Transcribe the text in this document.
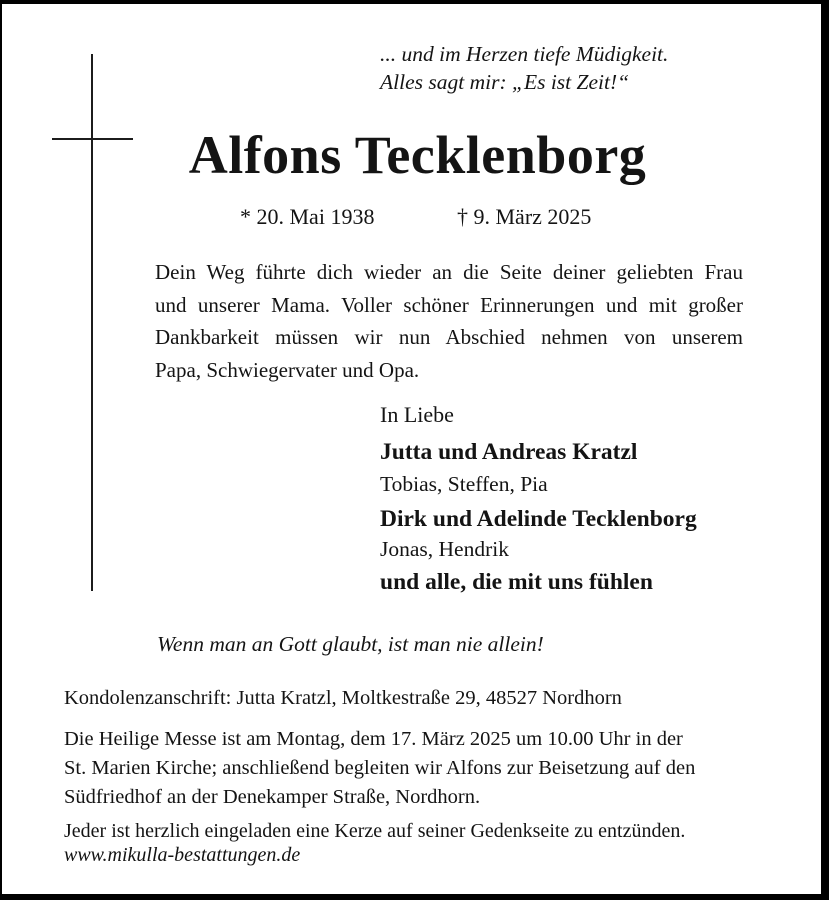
... und im Herzen tiefe Müdigkeit.
Alles sagt mir: „Es ist Zeit!“
Alfons Tecklenborg
* 20. Mai 1938	† 9. März 2025
Dein Weg führte dich wieder an die Seite deiner geliebten Frau
und unserer Mama. Voller schöner Erinnerungen und mit großer
Dankbarkeit müssen wir nun Abschied nehmen von unserem
Papa, Schwiegervater und Opa.
In Liebe
Jutta und Andreas Kratzl
Tobias, Steffen, Pia
Dirk und Adelinde Tecklenborg
Jonas, Hendrik
und alle, die mit uns fühlen
Wenn man an Gott glaubt, ist man nie allein!
Kondolenzanschrift: Jutta Kratzl, Moltkestraße 29, 48527 Nordhorn
Die Heilige Messe ist am Montag, dem 17. März 2025 um 10.00 Uhr in der
St. Marien Kirche; anschließend begleiten wir Alfons zur Beisetzung auf den
Südfriedhof an der Denekamper Straße, Nordhorn.
Jeder ist herzlich eingeladen eine Kerze auf seiner Gedenkseite zu entzünden.
www.mikulla-bestattungen.de
